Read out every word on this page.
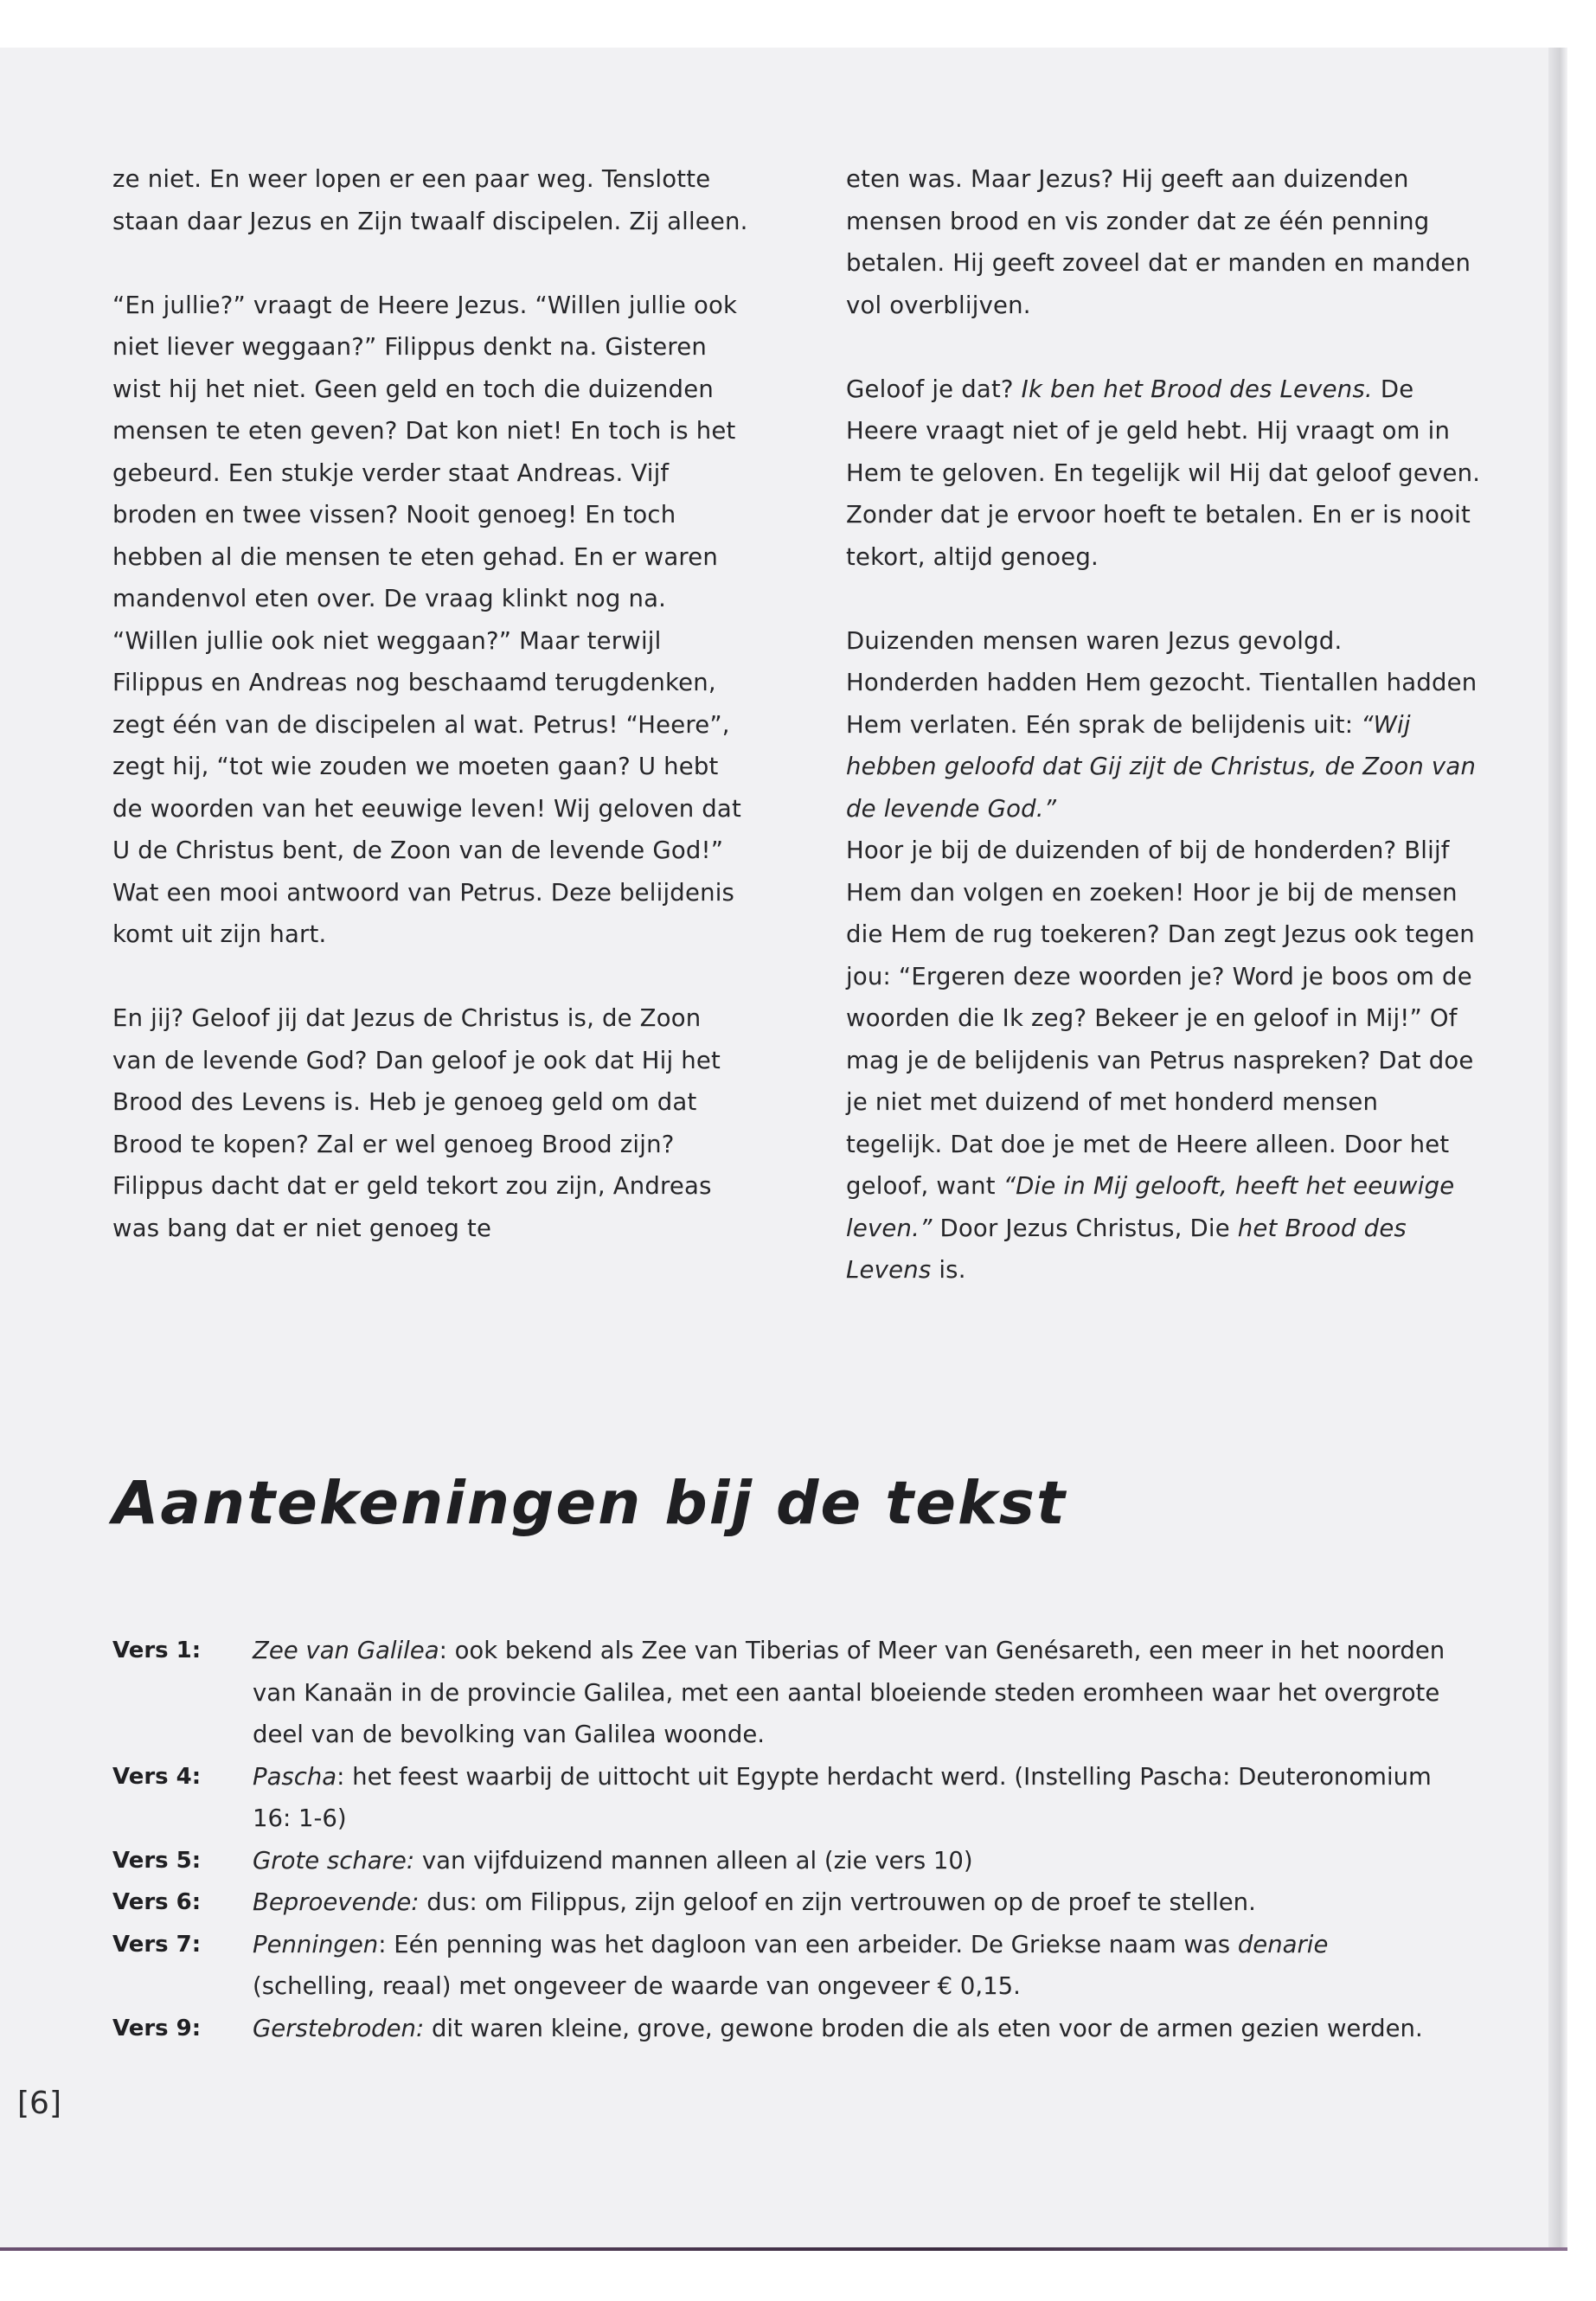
ze niet. En weer lopen er een paar weg. Tenslotte staan daar Jezus en Zijn twaalf discipelen. Zij alleen.

“En jullie?” vraagt de Heere Jezus. “Willen jullie ook niet liever weggaan?” Filippus denkt na. Gisteren wist hij het niet. Geen geld en toch die duizenden mensen te eten geven? Dat kon niet! En toch is het gebeurd. Een stukje verder staat Andreas. Vijf broden en twee vissen? Nooit genoeg! En toch hebben al die mensen te eten gehad. En er waren mandenvol eten over. De vraag klinkt nog na. “Willen jullie ook niet weggaan?” Maar terwijl Filippus en Andreas nog beschaamd terugdenken, zegt één van de discipelen al wat. Petrus! “Heere”, zegt hij, “tot wie zouden we moeten gaan? U hebt de woorden van het eeuwige leven! Wij geloven dat U de Christus bent, de Zoon van de levende God!” Wat een mooi antwoord van Petrus. Deze belijdenis komt uit zijn hart.

En jij? Geloof jij dat Jezus de Christus is, de Zoon van de levende God? Dan geloof je ook dat Hij het Brood des Levens is. Heb je genoeg geld om dat Brood te kopen? Zal er wel genoeg Brood zijn? Filippus dacht dat er geld tekort zou zijn, Andreas was bang dat er niet genoeg te

eten was. Maar Jezus? Hij geeft aan duizenden mensen brood en vis zonder dat ze één penning betalen. Hij geeft zoveel dat er manden en manden vol overblijven.

Geloof je dat? Ik ben het Brood des Levens. De Heere vraagt niet of je geld hebt. Hij vraagt om in Hem te geloven. En tegelijk wil Hij dat geloof geven. Zonder dat je ervoor hoeft te betalen. En er is nooit tekort, altijd genoeg.

Duizenden mensen waren Jezus gevolgd. Honderden hadden Hem gezocht. Tientallen hadden Hem verlaten. Eén sprak de belijdenis uit: “Wij hebben geloofd dat Gij zijt de Christus, de Zoon van de levende God.”

Hoor je bij de duizenden of bij de honderden? Blijf Hem dan volgen en zoeken! Hoor je bij de mensen die Hem de rug toekeren? Dan zegt Jezus ook tegen jou: “Ergeren deze woorden je? Word je boos om de woorden die Ik zeg? Bekeer je en geloof in Mij!” Of mag je de belijdenis van Petrus naspreken? Dat doe je niet met duizend of met honderd mensen tegelijk. Dat doe je met de Heere alleen. Door het geloof, want “Die in Mij gelooft, heeft het eeuwige leven.” Door Jezus Christus, Die het Brood des Levens is.

Aantekeningen bij de tekst
Vers 1:	Zee van Galilea: ook bekend als Zee van Tiberias of Meer van Genésareth, een meer in het noorden van Kanaän in de provincie Galilea, met een aantal bloeiende steden eromheen waar het overgrote deel van de bevolking van Galilea woonde.
Vers 4:	Pascha: het feest waarbij de uittocht uit Egypte herdacht werd. (Instelling Pascha: Deuteronomium 16: 1-6)
Vers 5:	Grote schare: van vijfduizend mannen alleen al (zie vers 10)
Vers 6:	Beproevende: dus: om Filippus, zijn geloof en zijn vertrouwen op de proef te stellen.
Vers 7:	Penningen: Eén penning was het dagloon van een arbeider. De Griekse naam was denarie (schelling, reaal) met ongeveer de waarde van ongeveer € 0,15.
Vers 9:	Gerstebroden: dit waren kleine, grove, gewone broden die als eten voor de armen gezien werden.
[6]
